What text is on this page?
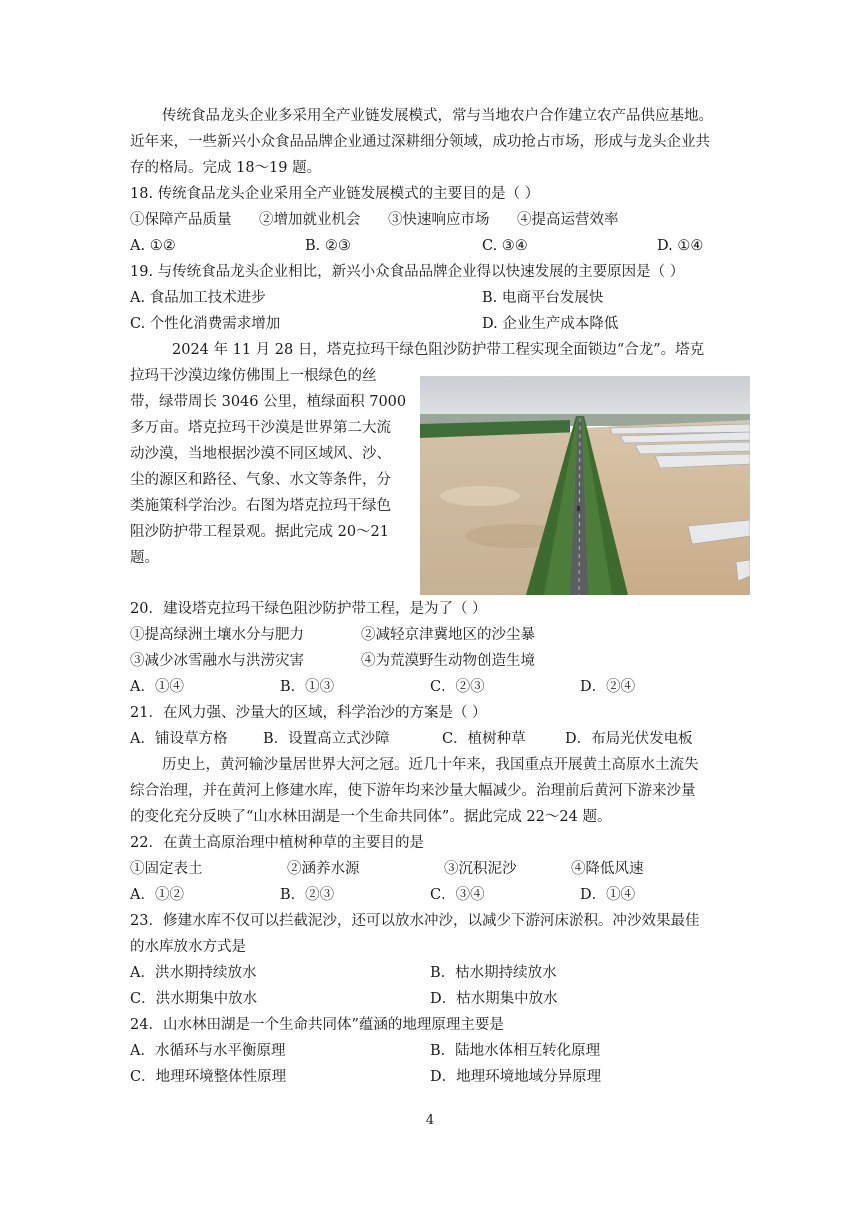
传统食品龙头企业多采用全产业链发展模式，常与当地农户合作建立农产品供应基地。
近年来，一些新兴小众食品品牌企业通过深耕细分领域，成功抢占市场，形成与龙头企业共
存的格局。完成 18～19 题。
18. 传统食品龙头企业采用全产业链发展模式的主要目的是（ ）
①保障产品质量 ②增加就业机会 ③快速响应市场 ④提高运营效率
A. ①②	B. ②③	C. ③④	D. ①④
19. 与传统食品龙头企业相比，新兴小众食品品牌企业得以快速发展的主要原因是（ ）
A. 食品加工技术进步	B. 电商平台发展快
C. 个性化消费需求增加	D. 企业生产成本降低
2024 年 11 月 28 日，塔克拉玛干绿色阻沙防护带工程实现全面锁边“合龙”。塔克
拉玛干沙漠边缘仿佛围上一根绿色的丝
带，绿带周长 3046 公里，植绿面积 7000
多万亩。塔克拉玛干沙漠是世界第二大流
动沙漠，当地根据沙漠不同区域风、沙、
尘的源区和路径、气象、水文等条件，分
类施策科学治沙。右图为塔克拉玛干绿色
阻沙防护带工程景观。据此完成 20～21
题。
20．建设塔克拉玛干绿色阻沙防护带工程，是为了（ ）
①提高绿洲土壤水分与肥力	②减轻京津冀地区的沙尘暴
③减少冰雪融水与洪涝灾害	④为荒漠野生动物创造生境
A．①④	B．①③	C．②③	D．②④
21．在风力强、沙量大的区域，科学治沙的方案是（ ）
A．铺设草方格 B．设置高立式沙障	C．植树种草	D．布局光伏发电板
历史上，黄河输沙量居世界大河之冠。近几十年来，我国重点开展黄土高原水土流失
综合治理，并在黄河上修建水库，使下游年均来沙量大幅减少。治理前后黄河下游来沙量
的变化充分反映了“山水林田湖是一个生命共同体”。据此完成 22～24 题。
22．在黄土高原治理中植树种草的主要目的是
①固定表土	②涵养水源	③沉积泥沙	④降低风速
A．①②	B．②③	C．③④	D．①④
23．修建水库不仅可以拦截泥沙，还可以放水冲沙，以减少下游河床淤积。冲沙效果最佳
的水库放水方式是
A．洪水期持续放水	B．枯水期持续放水
C．洪水期集中放水	D．枯水期集中放水
24．山水林田湖是一个生命共同体”蕴涵的地理原理主要是
A．水循环与水平衡原理	B．陆地水体相互转化原理
C．地理环境整体性原理	D．地理环境地域分异原理
4
